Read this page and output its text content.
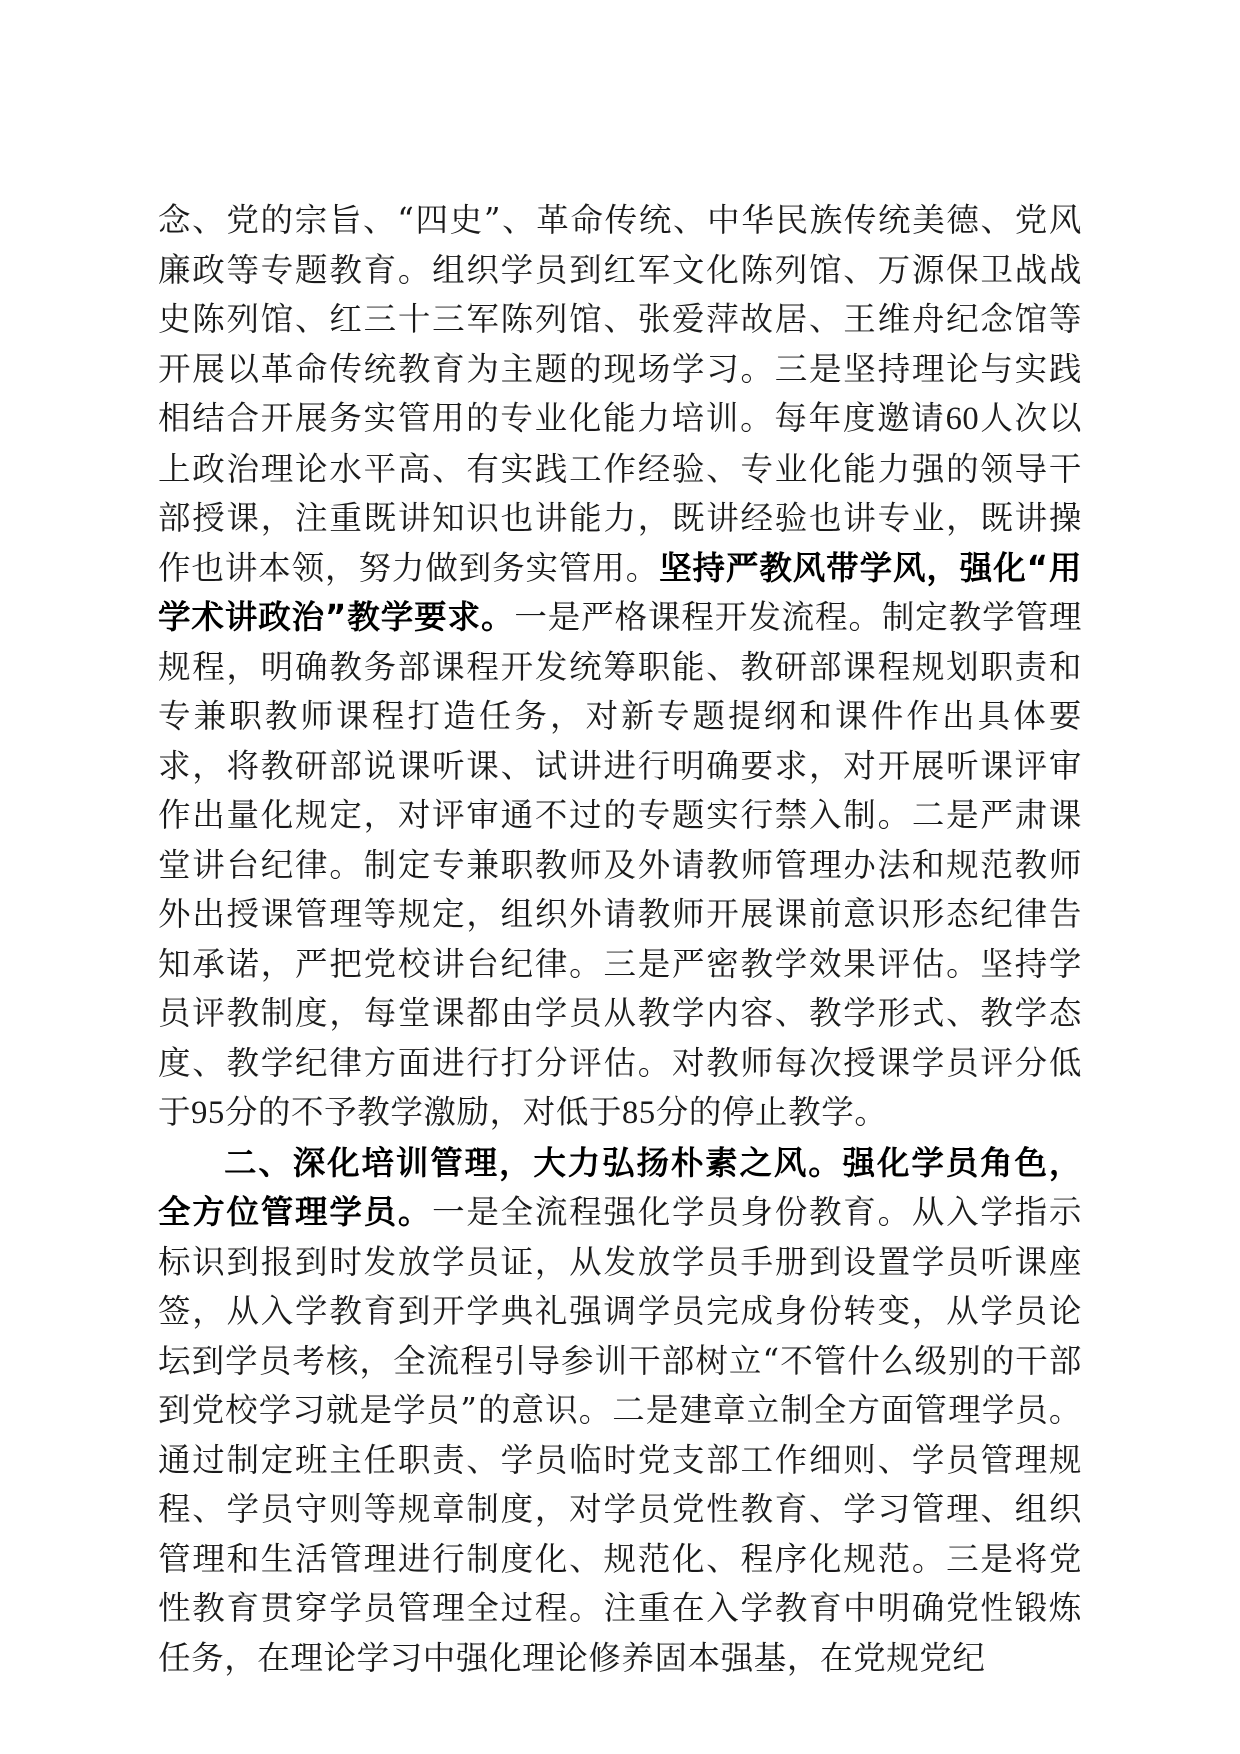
念、党的宗旨、“四史”、革命传统、中华民族传统美德、党风廉政等专题教育。组织学员到红军文化陈列馆、万源保卫战战史陈列馆、红三十三军陈列馆、张爱萍故居、王维舟纪念馆等开展以革命传统教育为主题的现场学习。三是坚持理论与实践相结合开展务实管用的专业化能力培训。每年度邀请60人次以上政治理论水平高、有实践工作经验、专业化能力强的领导干部授课，注重既讲知识也讲能力，既讲经验也讲专业，既讲操作也讲本领，努力做到务实管用。坚持严教风带学风，强化“用学术讲政治”教学要求。一是严格课程开发流程。制定教学管理规程，明确教务部课程开发统筹职能、教研部课程规划职责和专兼职教师课程打造任务，对新专题提纲和课件作出具体要求，将教研部说课听课、试讲进行明确要求，对开展听课评审作出量化规定，对评审通不过的专题实行禁入制。二是严肃课堂讲台纪律。制定专兼职教师及外请教师管理办法和规范教师外出授课管理等规定，组织外请教师开展课前意识形态纪律告知承诺，严把党校讲台纪律。三是严密教学效果评估。坚持学员评教制度，每堂课都由学员从教学内容、教学形式、教学态度、教学纪律方面进行打分评估。对教师每次授课学员评分低于95分的不予教学激励，对低于85分的停止教学。

二、深化培训管理，大力弘扬朴素之风。强化学员角色，全方位管理学员。一是全流程强化学员身份教育。从入学指示标识到报到时发放学员证，从发放学员手册到设置学员听课座签，从入学教育到开学典礼强调学员完成身份转变，从学员论坛到学员考核，全流程引导参训干部树立“不管什么级别的干部到党校学习就是学员”的意识。二是建章立制全方面管理学员。通过制定班主任职责、学员临时党支部工作细则、学员管理规程、学员守则等规章制度，对学员党性教育、学习管理、组织管理和生活管理进行制度化、规范化、程序化规范。三是将党性教育贯穿学员管理全过程。注重在入学教育中明确党性锻炼任务，在理论学习中强化理论修养固本强基，在党规党纪
